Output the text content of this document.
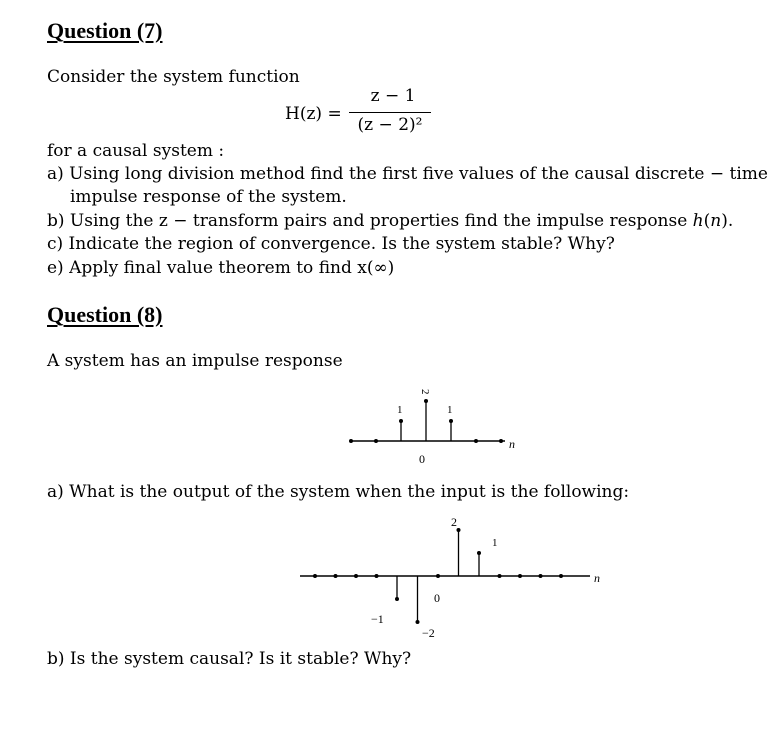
Question (7)
Consider the system function
H(z) =
z − 1
(z − 2)²
for a causal system :
a) Using long division method find the first five values of the causal discrete − time
impulse response of the system.
b) Using the z − transform pairs and properties find the impulse response ℎ(𝑛).
c) Indicate the region of convergence. Is the system stable? Why?
e) Apply final value theorem to find x(∞)
Question (8)
A system has an impulse response
n
0
1
2
1
a) What is the output of the system when the input is the following:
n
0
−1
−2
2
1
b) Is the system causal? Is it stable? Why?
